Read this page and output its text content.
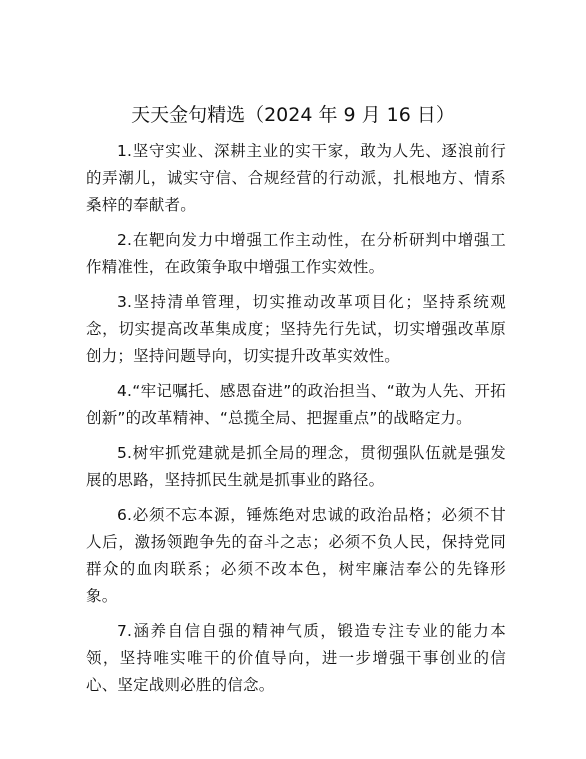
天天金句精选（2024 年 9 月 16 日）

1.坚守实业、深耕主业的实干家，敢为人先、逐浪前行的弄潮儿，诚实守信、合规经营的行动派，扎根地方、情系桑梓的奉献者。

2.在靶向发力中增强工作主动性，在分析研判中增强工作精准性，在政策争取中增强工作实效性。

3.坚持清单管理，切实推动改革项目化；坚持系统观念，切实提高改革集成度；坚持先行先试，切实增强改革原创力；坚持问题导向，切实提升改革实效性。

4.“牢记嘱托、感恩奋进”的政治担当、“敢为人先、开拓创新”的改革精神、“总揽全局、把握重点”的战略定力。

5.树牢抓党建就是抓全局的理念，贯彻强队伍就是强发展的思路，坚持抓民生就是抓事业的路径。

6.必须不忘本源，锤炼绝对忠诚的政治品格；必须不甘人后，激扬领跑争先的奋斗之志；必须不负人民，保持党同群众的血肉联系；必须不改本色，树牢廉洁奉公的先锋形象。

7.涵养自信自强的精神气质，锻造专注专业的能力本领，坚持唯实唯干的价值导向，进一步增强干事创业的信心、坚定战则必胜的信念。
